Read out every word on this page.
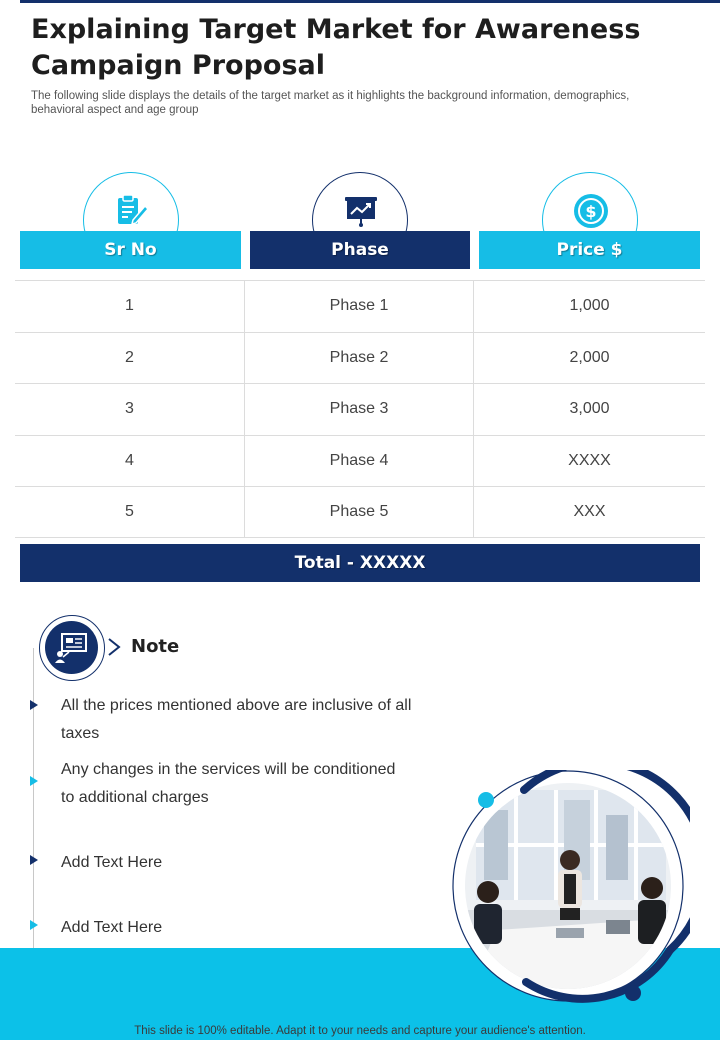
Explaining Target Market for Awareness Campaign Proposal

The following slide displays the details of the target market as it highlights the background information, demographics, behavioral aspect and age group

$
Sr No	Phase	Price $
1	Phase 1	1,000
2	Phase 2	2,000
3	Phase 3	3,000
4	Phase 4	XXXX
5	Phase 5	XXX
Total - XXXXX
Note
All the prices mentioned above are inclusive of all taxes
Any changes in the services will be conditioned to additional charges
Add Text Here
Add Text Here
This slide is 100% editable. Adapt it to your needs and capture your audience's attention.
